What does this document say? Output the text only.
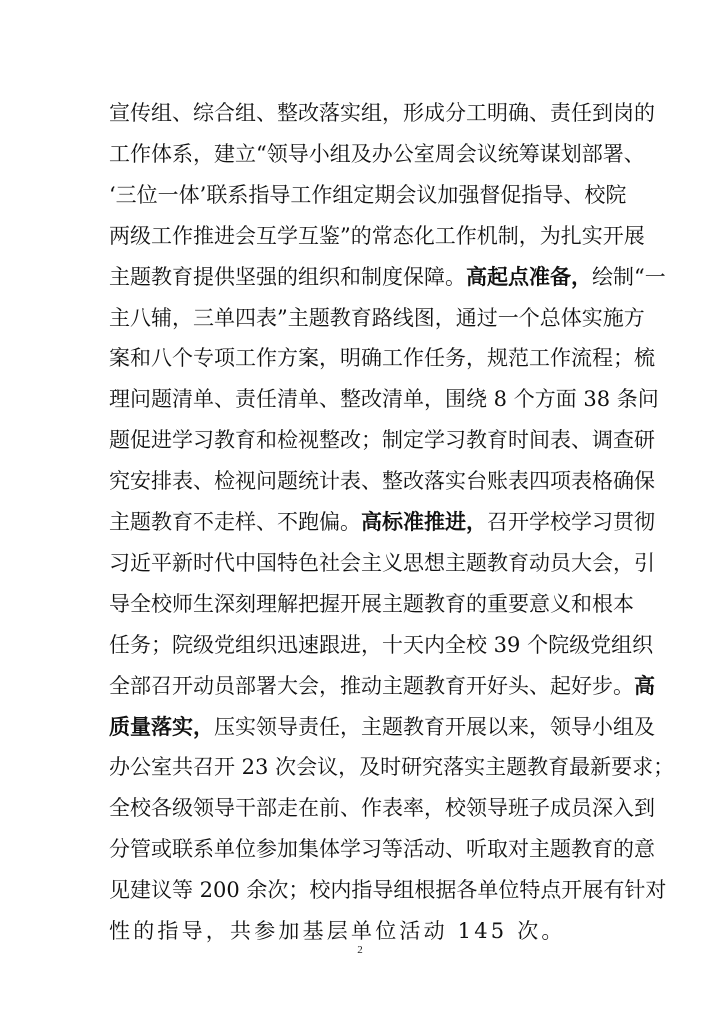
宣传组、综合组、整改落实组，形成分工明确、责任到岗的
工作体系，建立“领导小组及办公室周会议统筹谋划部署、
‘三位一体’联系指导工作组定期会议加强督促指导、校院
两级工作推进会互学互鉴”的常态化工作机制，为扎实开展
主题教育提供坚强的组织和制度保障。高起点准备，绘制“一
主八辅，三单四表”主题教育路线图，通过一个总体实施方
案和八个专项工作方案，明确工作任务，规范工作流程；梳
理问题清单、责任清单、整改清单，围绕 8 个方面 38 条问
题促进学习教育和检视整改；制定学习教育时间表、调查研
究安排表、检视问题统计表、整改落实台账表四项表格确保
主题教育不走样、不跑偏。高标准推进，召开学校学习贯彻
习近平新时代中国特色社会主义思想主题教育动员大会，引
导全校师生深刻理解把握开展主题教育的重要意义和根本
任务；院级党组织迅速跟进，十天内全校 39 个院级党组织
全部召开动员部署大会，推动主题教育开好头、起好步。高
质量落实，压实领导责任，主题教育开展以来，领导小组及
办公室共召开 23 次会议，及时研究落实主题教育最新要求；
全校各级领导干部走在前、作表率，校领导班子成员深入到
分管或联系单位参加集体学习等活动、听取对主题教育的意
见建议等 200 余次；校内指导组根据各单位特点开展有针对
性的指导，共参加基层单位活动 145 次。
2
